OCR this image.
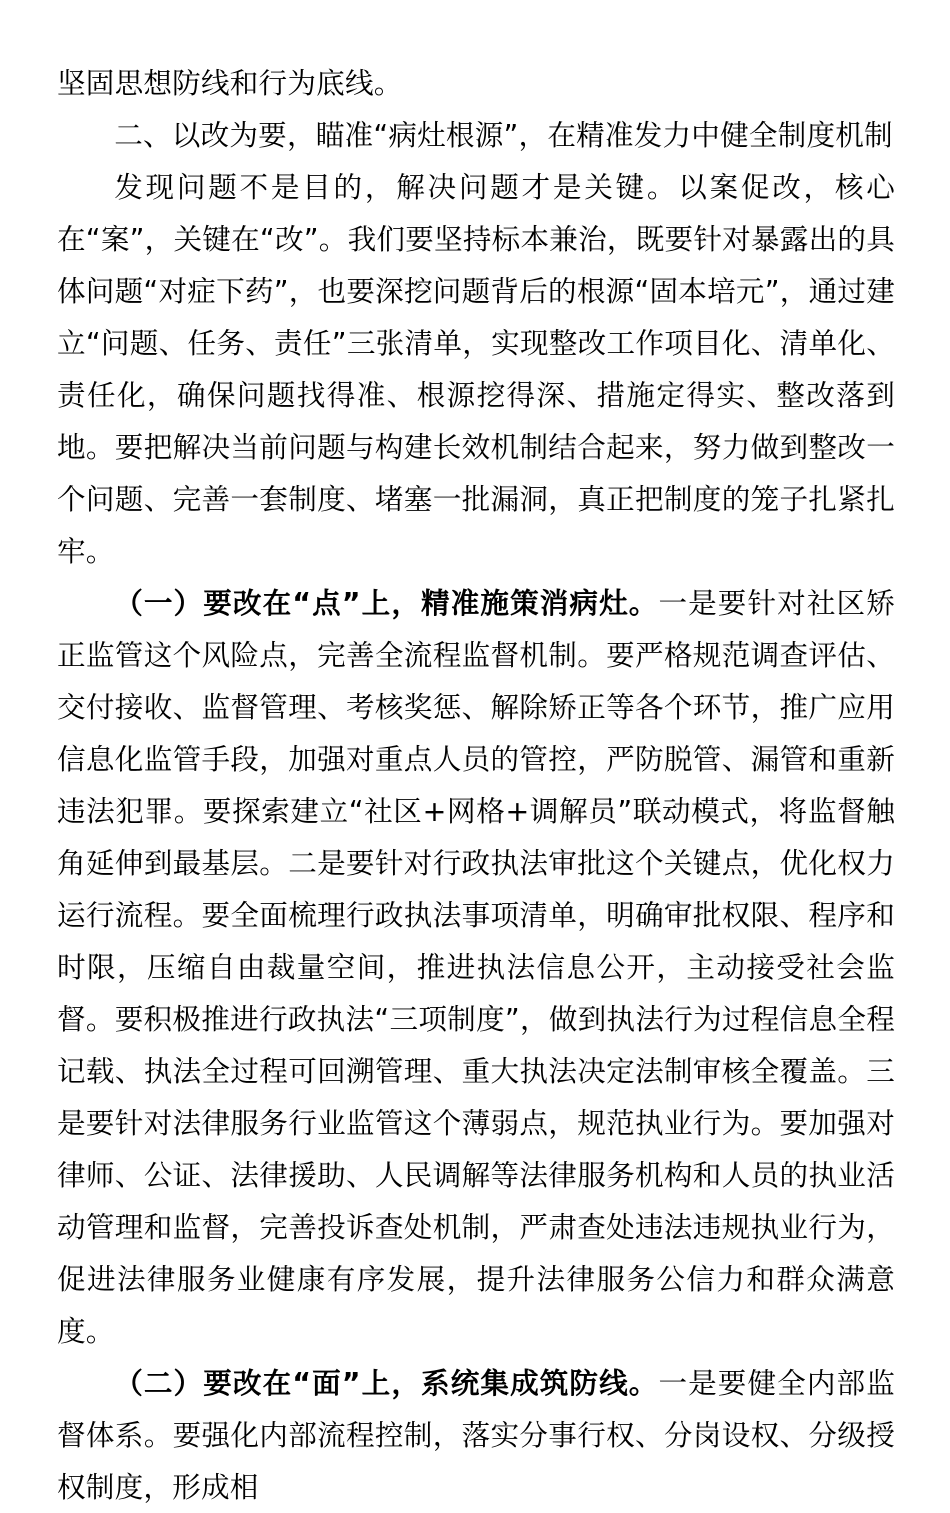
坚固思想防线和行为底线。

二、以改为要，瞄准“病灶根源”，在精准发力中健全制度机制

发现问题不是目的，解决问题才是关键。以案促改，核心在“案”，关键在“改”。我们要坚持标本兼治，既要针对暴露出的具体问题“对症下药”，也要深挖问题背后的根源“固本培元”，通过建立“问题、任务、责任”三张清单，实现整改工作项目化、清单化、责任化，确保问题找得准、根源挖得深、措施定得实、整改落到地。要把解决当前问题与构建长效机制结合起来，努力做到整改一个问题、完善一套制度、堵塞一批漏洞，真正把制度的笼子扎紧扎牢。

（一）要改在“点”上，精准施策消病灶。一是要针对社区矫正监管这个风险点，完善全流程监督机制。要严格规范调查评估、交付接收、监督管理、考核奖惩、解除矫正等各个环节，推广应用信息化监管手段，加强对重点人员的管控，严防脱管、漏管和重新违法犯罪。要探索建立“社区+网格+调解员”联动模式，将监督触角延伸到最基层。二是要针对行政执法审批这个关键点，优化权力运行流程。要全面梳理行政执法事项清单，明确审批权限、程序和时限，压缩自由裁量空间，推进执法信息公开，主动接受社会监督。要积极推进行政执法“三项制度”，做到执法行为过程信息全程记载、执法全过程可回溯管理、重大执法决定法制审核全覆盖。三是要针对法律服务行业监管这个薄弱点，规范执业行为。要加强对律师、公证、法律援助、人民调解等法律服务机构和人员的执业活动管理和监督，完善投诉查处机制，严肃查处违法违规执业行为，促进法律服务业健康有序发展，提升法律服务公信力和群众满意度。

（二）要改在“面”上，系统集成筑防线。一是要健全内部监督体系。要强化内部流程控制，落实分事行权、分岗设权、分级授权制度，形成相
